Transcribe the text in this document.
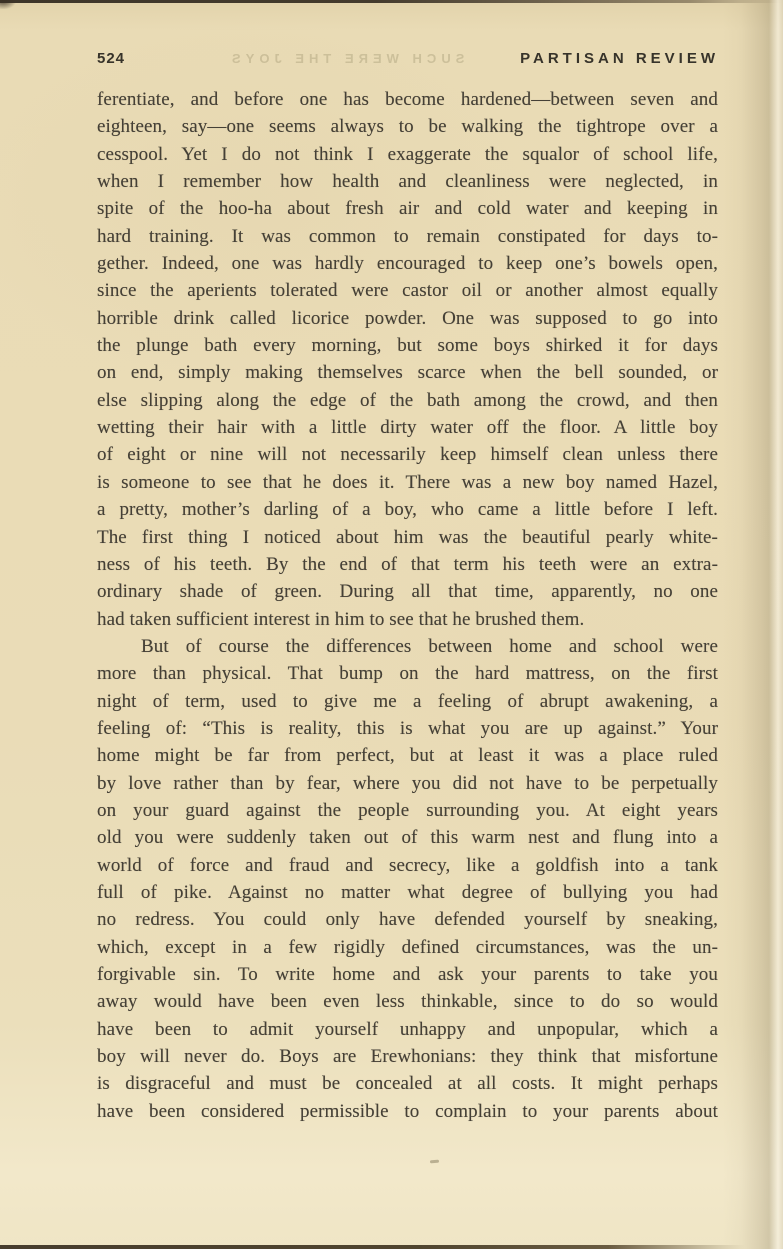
524	SUCH WERE THE JOYS	PARTISAN REVIEW
ferentiate, and before one has become hardened—between seven and
eighteen, say—one seems always to be walking the tightrope over a
cesspool. Yet I do not think I exaggerate the squalor of school life,
when I remember how health and cleanliness were neglected, in
spite of the hoo-ha about fresh air and cold water and keeping in
hard training. It was common to remain constipated for days to-
gether. Indeed, one was hardly encouraged to keep one’s bowels open,
since the aperients tolerated were castor oil or another almost equally
horrible drink called licorice powder. One was supposed to go into
the plunge bath every morning, but some boys shirked it for days
on end, simply making themselves scarce when the bell sounded, or
else slipping along the edge of the bath among the crowd, and then
wetting their hair with a little dirty water off the floor. A little boy
of eight or nine will not necessarily keep himself clean unless there
is someone to see that he does it. There was a new boy named Hazel,
a pretty, mother’s darling of a boy, who came a little before I left.
The first thing I noticed about him was the beautiful pearly white-
ness of his teeth. By the end of that term his teeth were an extra-
ordinary shade of green. During all that time, apparently, no one
had taken sufficient interest in him to see that he brushed them.
But of course the differences between home and school were
more than physical. That bump on the hard mattress, on the first
night of term, used to give me a feeling of abrupt awakening, a
feeling of: “This is reality, this is what you are up against.” Your
home might be far from perfect, but at least it was a place ruled
by love rather than by fear, where you did not have to be perpetually
on your guard against the people surrounding you. At eight years
old you were suddenly taken out of this warm nest and flung into a
world of force and fraud and secrecy, like a goldfish into a tank
full of pike. Against no matter what degree of bullying you had
no redress. You could only have defended yourself by sneaking,
which, except in a few rigidly defined circumstances, was the un-
forgivable sin. To write home and ask your parents to take you
away would have been even less thinkable, since to do so would
have been to admit yourself unhappy and unpopular, which a
boy will never do. Boys are Erewhonians: they think that misfortune
is disgraceful and must be concealed at all costs. It might perhaps
have been considered permissible to complain to your parents about
